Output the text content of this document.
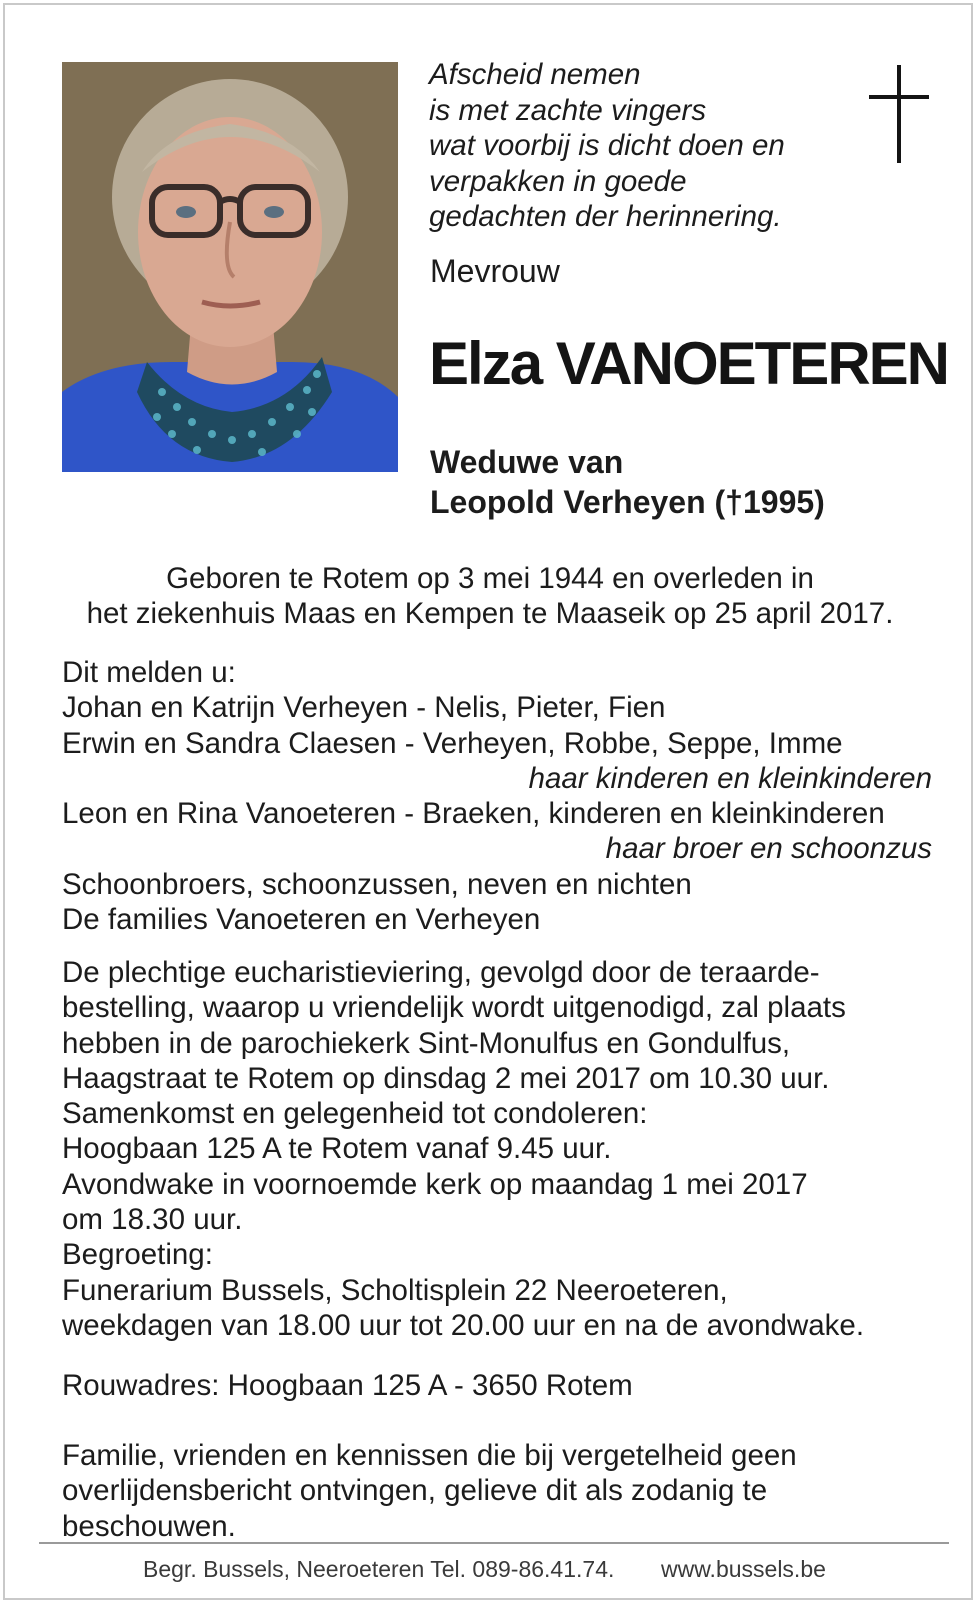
Afscheid nemen
is met zachte vingers
wat voorbij is dicht doen en
verpakken in goede
gedachten der herinnering.
Mevrouw
Elza VANOETEREN
Weduwe van
Leopold Verheyen (†1995)
Geboren te Rotem op 3 mei 1944 en overleden in
het ziekenhuis Maas en Kempen te Maaseik op 25 april 2017.
Dit melden u:
Johan en Katrijn Verheyen - Nelis, Pieter, Fien
Erwin en Sandra Claesen - Verheyen, Robbe, Seppe, Imme
haar kinderen en kleinkinderen
Leon en Rina Vanoeteren - Braeken, kinderen en kleinkinderen
haar broer en schoonzus
Schoonbroers, schoonzussen, neven en nichten
De families Vanoeteren en Verheyen
De plechtige eucharistieviering, gevolgd door de teraarde-
bestelling, waarop u vriendelijk wordt uitgenodigd, zal plaats
hebben in de parochiekerk Sint-Monulfus en Gondulfus,
Haagstraat te Rotem op dinsdag 2 mei 2017 om 10.30 uur.
Samenkomst en gelegenheid tot condoleren:
Hoogbaan 125 A te Rotem vanaf 9.45 uur.
Avondwake in voornoemde kerk op maandag 1 mei 2017
om 18.30 uur.
Begroeting:
Funerarium Bussels, Scholtisplein 22 Neeroeteren,
weekdagen van 18.00 uur tot 20.00 uur en na de avondwake.
Rouwadres: Hoogbaan 125 A - 3650 Rotem
Familie, vrienden en kennissen die bij vergetelheid geen
overlijdensbericht ontvingen, gelieve dit als zodanig te
beschouwen.
Begr. Bussels, Neeroeteren Tel. 089-86.41.74. www.bussels.be
